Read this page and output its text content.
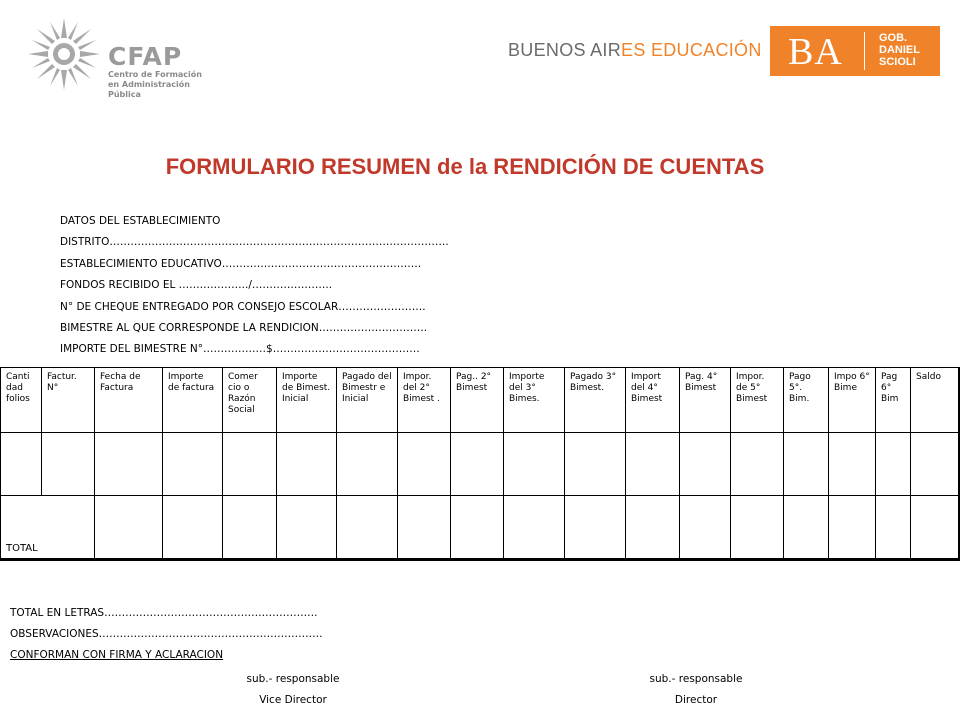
CFAP
Centro de Formación
en Administración Pública
BUENOS AIRES EDUCACIÓN BA	GOB.
DANIEL
SCIOLI
FORMULARIO RESUMEN de la RENDICIÓN DE CUENTAS
DATOS DEL ESTABLECIMIENTO
DISTRITO…………………………………………………………………………………….
ESTABLECIMIENTO EDUCATIVO…………………………………………………
FONDOS RECIBIDO EL ………………../…………………..
N° DE CHEQUE ENTREGADO POR CONSEJO ESCOLAR…………………….
BIMESTRE AL QUE CORRESPONDE LA RENDICION………………………….
IMPORTE DEL BIMESTRE N°………………$……………………………………
Canti dad folios	Factur. N°	Fecha de Factura	Importe de factura	Comer cio o Razón Social	Importe de Bimest. Inicial	Pagado del Bimestr e Inicial	Impor. del 2° Bimest .	Pag.. 2° Bimest	Importe del 3° Bimes.	Pagado 3° Bimest.	Import del 4° Bimest	Pag. 4° Bimest	Impor. de 5° Bimest	Pago 5°. Bim.	Impo 6° Bime	Pag 6° Bim	Saldo

TOTAL																	
TOTAL EN LETRAS…………………………………………………….
OBSERVACIONES……………………………………………………….
CONFORMAN CON FIRMA Y ACLARACION
sub.- responsable
Vice Director
sub.- responsable
Director
